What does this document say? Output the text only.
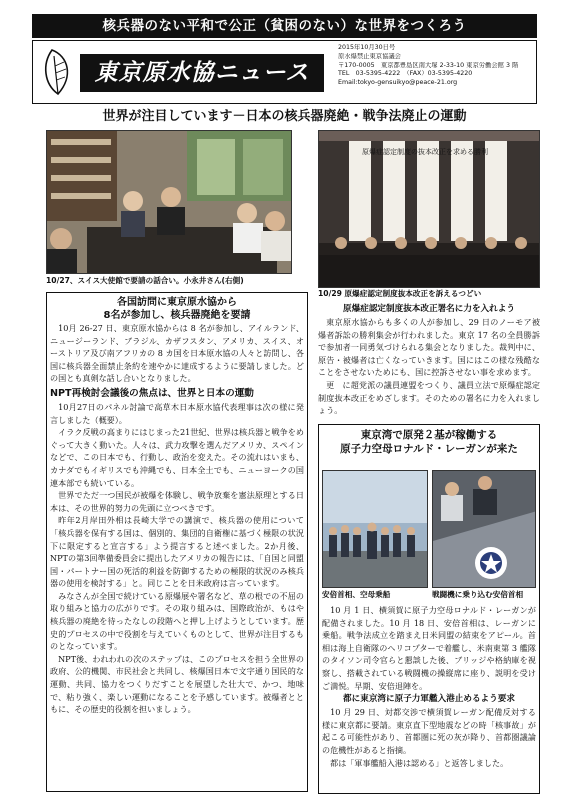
核兵器のない平和で公正（貧困のない）な世界をつくろう
東京原水協ニュース
2015年10月30日号
原水爆禁止東京協議会
〒170-0005　東京都豊島区南大塚 2-33-10 東京労働会館 3 階
TEL　03-5395-4222　（FAX）03-5395-4220
Email:tokyo-gensuikyo@peace-21.org
世界が注目しています－日本の核兵器廃絶・戦争法廃止の運動
10/27、スイス大使館で要請の話合い。小永井さん(右側)
原爆症認定制度の抜本改正を求める勝利
10/29 原爆症認定制度抜本改正を訴えるつどい
各国訪問に東京原水協から
8名が参加し、核兵器廃絶を要請

10月 26-27 日、東京原水協からは 8 名が参加し、アイルランド、ニュージーランド、ブラジル、カザフスタン、アメリカ、スイス、オーストリア及び南アフリカの 8 カ国を日本原水協の人々と訪問し、各国に核兵器全面禁止条約を速やかに達成するように要請しました。どの国とも真剣な話し合いとなりました。

NPT再検討会議後の焦点は、世界と日本の運動

10月27日のパネル討論で高草木日本原水協代表理事は次の様に発言しました（概要）。

イラク反戦の高まりにはじまった21世紀、世界は核兵器と戦争をめぐって大きく動いた。人々は、武力攻撃を選んだアメリカ、スペインなどで、この日本でも、行動し、政治を変えた。その流れはいまも、カナダでもイギリスでも沖縄でも、日本全土でも、ニューヨークの国連本部でも続いている。

世界でただ一つ国民が被爆を体験し、戦争放棄を憲法原理とする日本は、その世界的努力の先頭に立つべきです。

昨年2月岸田外相は長崎大学での講演で、核兵器の使用について「核兵器を保有する国は、個別的、集団的自衛権に基づく極限の状況下に限定すると宣言する」よう提言すると述べました。2か月後、NPTの第3回準備委員会に提出したアメリカの報告には、「自国と同盟国・パートナー国の死活的利益を防御するための極限的状況のみ核兵器の使用を検討する」と。同じことを日米政府は言っています。

みなさんが全国で続けている原爆展や署名など、草の根での不屈の取り組みと協力の広がりです。その取り組みは、国際政治が、もはや核兵器の廃絶を待ったなしの段階へと押し上げようとしています。歴史的プロセスの中で役割を与えていくものとして、世界が注目するものとなっています。

NPT後、われわれの次のステップは、このプロセスを担う全世界の政府、公的機関、市民社会と共同し、核爆国日本で文字通り国民的な運動、共同、協力をつくりだすことを展望した壮大で、かつ、地味で、粘り強く、楽しい運動になることを予感しています。被爆者とともに、その歴史的役割を担いましょう。

原爆症認定制度抜本改正署名に力を入れよう

東京原水協からも多くの人が参加し、29 日のノーモア被爆者訴訟の勝利集会が行われました。東京 17 名の全員勝訴で参加者一同勇気づけられる集会となりました。裁判中に、原告・被爆者は亡くなっていきます。国にはこの様な残酷なことをさせないためにも、国に控訴させない事を求めます。

更　に超党派の議員連盟をつくり、議員立法で原爆症認定制度抜本改正をめざします。そのための署名に力を入れましょう。

東京湾で原発２基が稼働する
原子力空母ロナルド・レーガンが来た
安倍首相、空母乗船	戦闘機に乗り込む安倍首相

10 月 1 日、横須賀に原子力空母ロナルド・レーガンが配備されました。10 月 18 日、安倍首相は、レーガンに乗船。戦争法成立を踏まえ日米同盟の結束をアピール。首相は海上自衛隊のヘリコプターで着艦し、米南東第 3 艦隊のタイソン司令官らと懇談した後、ブリッジや格納庫を視察し、搭載されている戦闘機の操縦席に座り、説明を受けご満悦。早期、安倍退陣を。

都に東京湾に原子力軍艦入港止めるよう要求

10 月 29 日、対都交渉で横須賀レーガン配備反対する様に東京都に要請。東京直下型地震などの時「核事故」が起こる可能性があり、首都圏に死の灰が降り、首都圏議論の危機性があると指摘。

都は「軍事艦船入港は認める」と返答しました。
